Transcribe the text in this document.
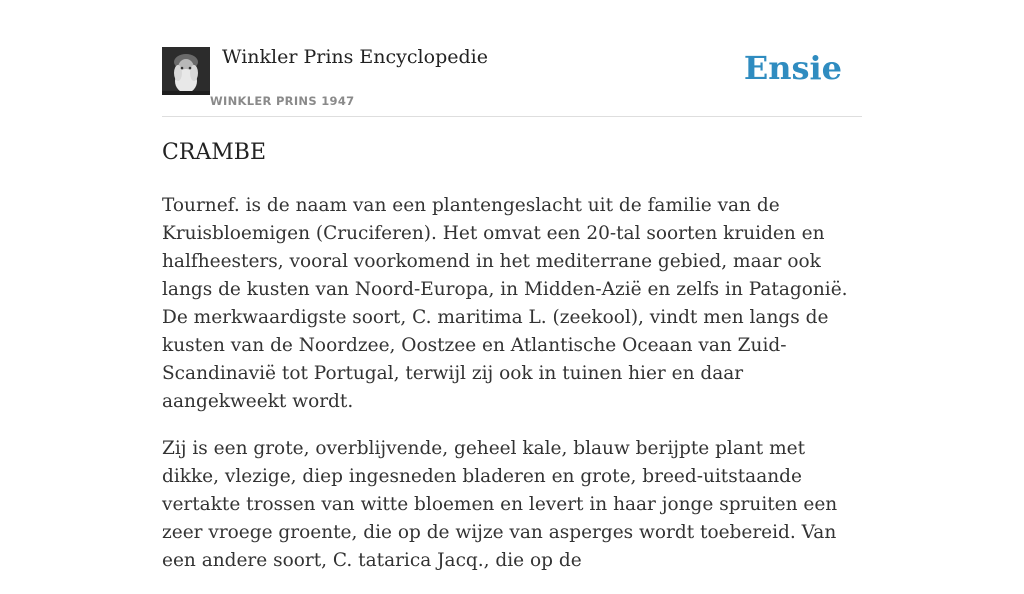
Winkler Prins Encyclopedie
WINKLER PRINS 1947
Ensie
CRAMBE

Tournef. is de naam van een plantengeslacht uit de familie van de Kruisbloemigen (Cruciferen). Het omvat een 20-tal soorten kruiden en halfheesters, vooral voorkomend in het mediterrane gebied, maar ook langs de kusten van Noord-Europa, in Midden-Azië en zelfs in Patagonië. De merkwaardigste soort, C. maritima L. (zeekool), vindt men langs de kusten van de Noordzee, Oostzee en Atlantische Oceaan van Zuid-Scandinavië tot Portugal, terwijl zij ook in tuinen hier en daar aangekweekt wordt.

Zij is een grote, overblijvende, geheel kale, blauw berijpte plant met dikke, vlezige, diep ingesneden bladeren en grote, breed-uitstaande vertakte trossen van witte bloemen en levert in haar jonge spruiten een zeer vroege groente, die op de wijze van asperges wordt toebereid. Van een andere soort, C. tatarica Jacq., die op de
